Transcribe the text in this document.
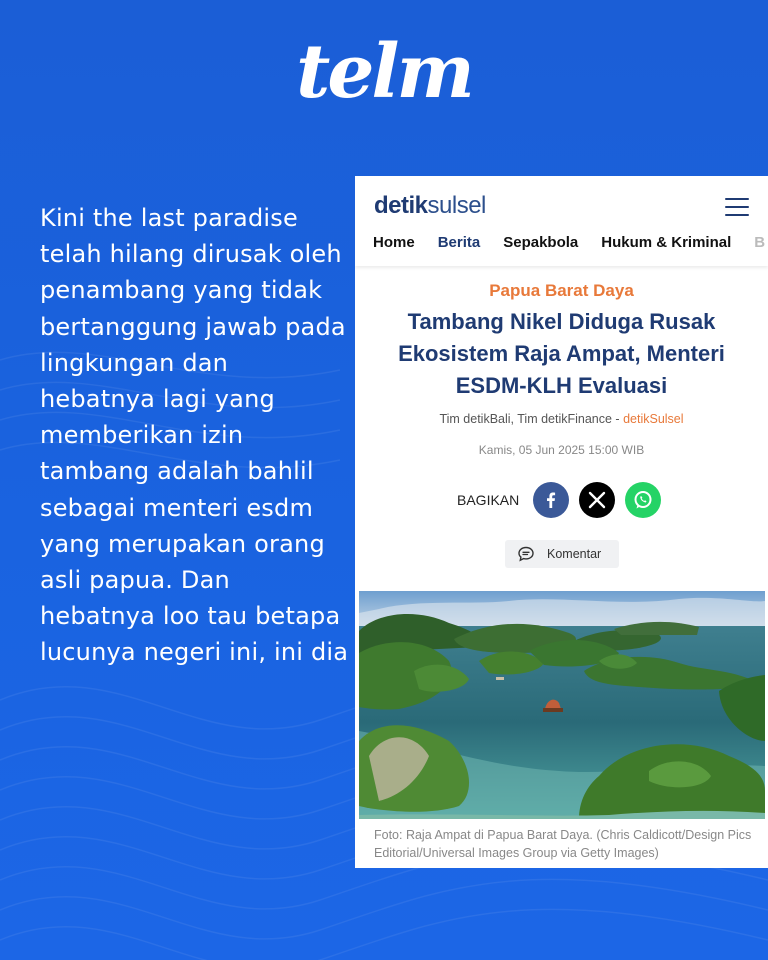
telm

Kini the last paradise telah hilang dirusak oleh penambang yang tidak bertanggung jawab pada lingkungan dan hebatnya lagi yang memberikan izin tambang adalah bahlil sebagai menteri esdm yang merupakan orang asli papua. Dan hebatnya loo tau betapa lucunya negeri ini, ini dia

detiksulsel
Home Berita Sepakbola Hukum & Kriminal B
Papua Barat Daya
Tambang Nikel Diduga Rusak Ekosistem Raja Ampat, Menteri ESDM-KLH Evaluasi
Tim detikBali, Tim detikFinance - detikSulsel
Kamis, 05 Jun 2025 15:00 WIB
BAGIKAN
Komentar

Foto: Raja Ampat di Papua Barat Daya. (Chris Caldicott/Design Pics Editorial/Universal Images Group via Getty Images)
